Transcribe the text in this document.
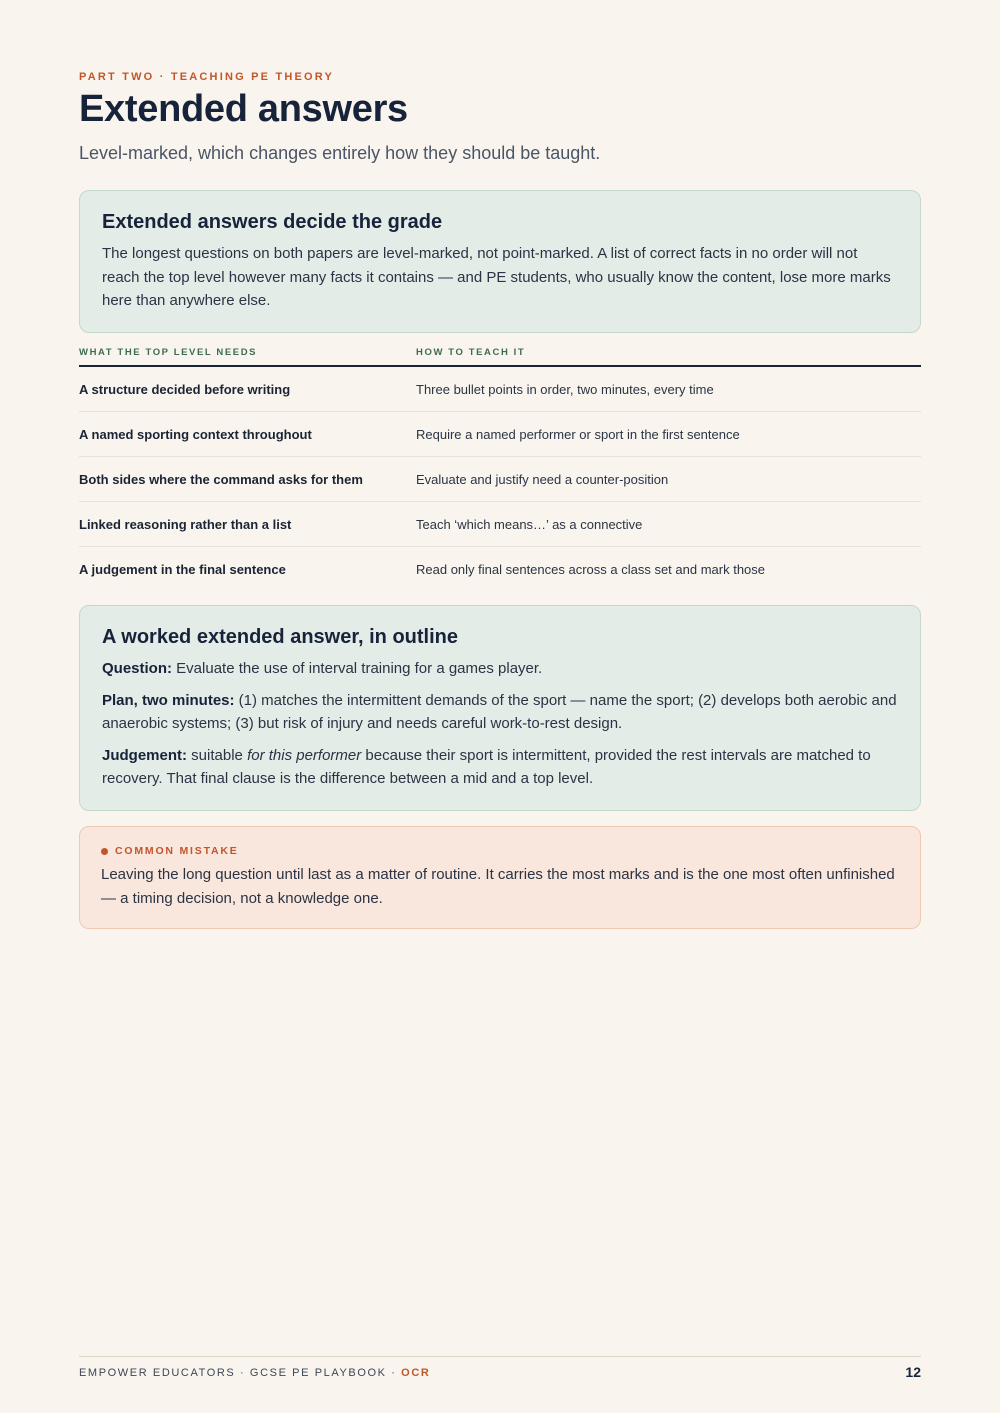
PART TWO · TEACHING PE THEORY
Extended answers
Level-marked, which changes entirely how they should be taught.
Extended answers decide the grade

The longest questions on both papers are level-marked, not point-marked. A list of correct facts in no order will not reach the top level however many facts it contains — and PE students, who usually know the content, lose more marks here than anywhere else.

WHAT THE TOP LEVEL NEEDS	HOW TO TEACH IT
A structure decided before writing	Three bullet points in order, two minutes, every time
A named sporting context throughout	Require a named performer or sport in the first sentence
Both sides where the command asks for them	Evaluate and justify need a counter-position
Linked reasoning rather than a list	Teach ‘which means…’ as a connective
A judgement in the final sentence	Read only final sentences across a class set and mark those
A worked extended answer, in outline

Question: Evaluate the use of interval training for a games player.

Plan, two minutes: (1) matches the intermittent demands of the sport — name the sport; (2) develops both aerobic and anaerobic systems; (3) but risk of injury and needs careful work-to-rest design.

Judgement: suitable for this performer because their sport is intermittent, provided the rest intervals are matched to recovery. That final clause is the difference between a mid and a top level.

COMMON MISTAKE

Leaving the long question until last as a matter of routine. It carries the most marks and is the one most often unfinished — a timing decision, not a knowledge one.

EMPOWER EDUCATORS · GCSE PE PLAYBOOK · OCR	12
